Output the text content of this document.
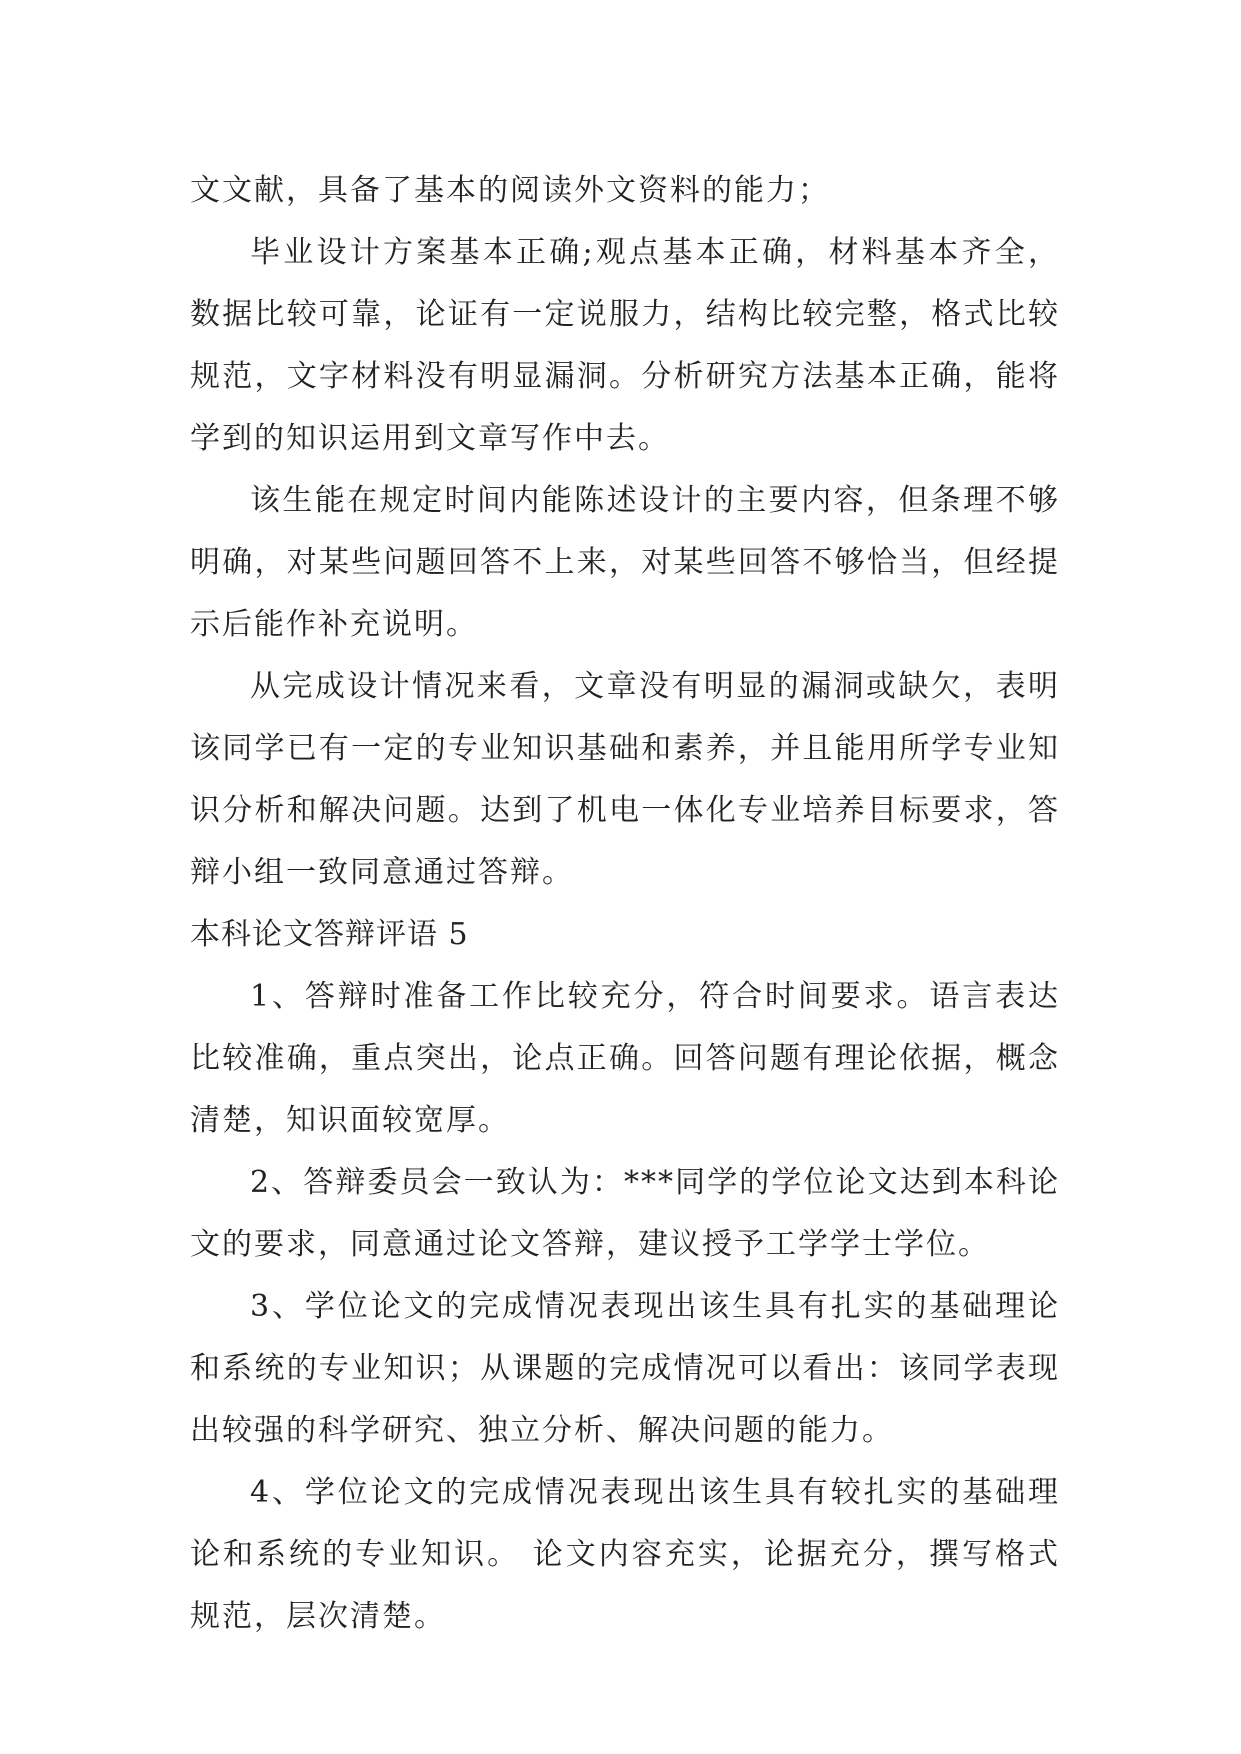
文文献，具备了基本的阅读外文资料的能力；

毕业设计方案基本正确;观点基本正确，材料基本齐全，数据比较可靠，论证有一定说服力，结构比较完整，格式比较规范，文字材料没有明显漏洞。分析研究方法基本正确，能将学到的知识运用到文章写作中去。

该生能在规定时间内能陈述设计的主要内容，但条理不够明确，对某些问题回答不上来，对某些回答不够恰当，但经提示后能作补充说明。

从完成设计情况来看，文章没有明显的漏洞或缺欠，表明该同学已有一定的专业知识基础和素养，并且能用所学专业知识分析和解决问题。达到了机电一体化专业培养目标要求，答辩小组一致同意通过答辩。

本科论文答辩评语 5

1、答辩时准备工作比较充分，符合时间要求。语言表达比较准确，重点突出，论点正确。回答问题有理论依据，概念清楚，知识面较宽厚。

2、答辩委员会一致认为：***同学的学位论文达到本科论文的要求，同意通过论文答辩，建议授予工学学士学位。

3、学位论文的完成情况表现出该生具有扎实的基础理论和系统的专业知识；从课题的完成情况可以看出：该同学表现出较强的科学研究、独立分析、解决问题的能力。

4、学位论文的完成情况表现出该生具有较扎实的基础理论和系统的专业知识。 论文内容充实，论据充分，撰写格式规范，层次清楚。
